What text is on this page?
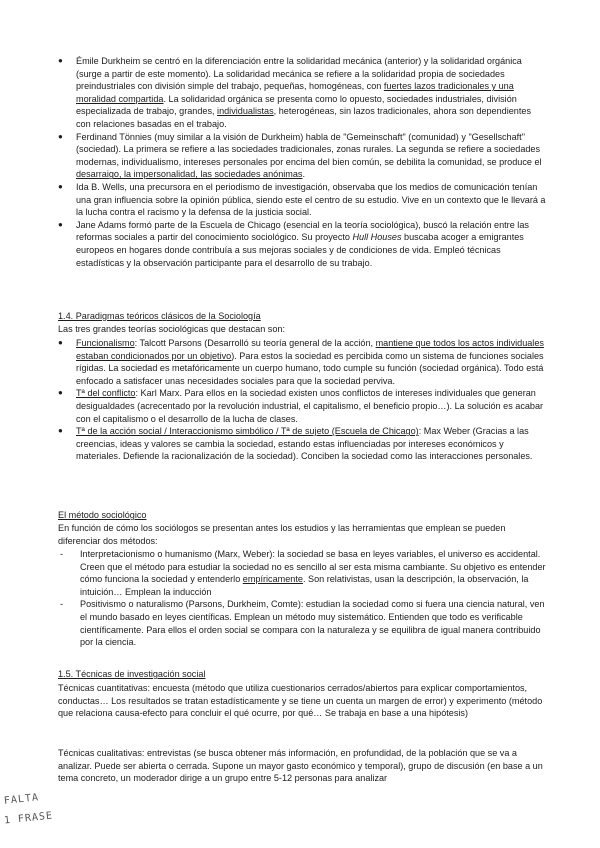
● Émile Durkheim se centró en la diferenciación entre la solidaridad mecánica (anterior) y la solidaridad orgánica (surge a partir de este momento). La solidaridad mecánica se refiere a la solidaridad propia de sociedades preindustriales con división simple del trabajo, pequeñas, homogéneas, con fuertes lazos tradicionales y una moralidad compartida. La solidaridad orgánica se presenta como lo opuesto, sociedades industriales, división especializada de trabajo, grandes, individualistas, heterogéneas, sin lazos tradicionales, ahora son dependientes con relaciones basadas en el trabajo.
● Ferdinand Tönnies (muy similar a la visión de Durkheim) habla de "Gemeinschaft" (comunidad) y "Gesellschaft" (sociedad). La primera se refiere a las sociedades tradicionales, zonas rurales. La segunda se refiere a sociedades modernas, individualismo, intereses personales por encima del bien común, se debilita la comunidad, se produce el desarraigo, la impersonalidad, las sociedades anónimas.
● Ida B. Wells, una precursora en el periodismo de investigación, observaba que los medios de comunicación tenían una gran influencia sobre la opinión pública, siendo este el centro de su estudio. Vive en un contexto que le llevará a la lucha contra el racismo y la defensa de la justicia social.
● Jane Adams formó parte de la Escuela de Chicago (esencial en la teoría sociológica), buscó la relación entre las reformas sociales a partir del conocimiento sociológico. Su proyecto Hull Houses buscaba acoger a emigrantes europeos en hogares donde contribuía a sus mejoras sociales y de condiciones de vida. Empleó técnicas estadísticas y la observación participante para el desarrollo de su trabajo.
1.4. Paradigmas teóricos clásicos de la Sociología
Las tres grandes teorías sociológicas que destacan son:
● Funcionalismo: Talcott Parsons (Desarrolló su teoría general de la acción, mantiene que todos los actos individuales estaban condicionados por un objetivo). Para estos la sociedad es percibida como un sistema de funciones sociales rígidas. La sociedad es metafóricamente un cuerpo humano, todo cumple su función (sociedad orgánica). Todo está enfocado a satisfacer unas necesidades sociales para que la sociedad perviva.
● Tª del conflicto: Karl Marx. Para ellos en la sociedad existen unos conflictos de intereses individuales que generan desigualdades (acrecentado por la revolución industrial, el capitalismo, el beneficio propio…). La solución es acabar con el capitalismo o el desarrollo de la lucha de clases.
● Tª de la acción social / Interaccionismo simbólico / Tª de sujeto (Escuela de Chicago): Max Weber (Gracias a las creencias, ideas y valores se cambia la sociedad, estando estas influenciadas por intereses económicos y materiales. Defiende la racionalización de la sociedad). Conciben la sociedad como las interacciones personales.
El método sociológico
En función de cómo los sociólogos se presentan antes los estudios y las herramientas que emplean se pueden diferenciar dos métodos:
- Interpretacionismo o humanismo (Marx, Weber): la sociedad se basa en leyes variables, el universo es accidental. Creen que el método para estudiar la sociedad no es sencillo al ser esta misma cambiante. Su objetivo es entender cómo funciona la sociedad y entenderlo empíricamente. Son relativistas, usan la descripción, la observación, la intuición… Emplean la inducción
- Positivismo o naturalismo (Parsons, Durkheim, Comte): estudian la sociedad como si fuera una ciencia natural, ven el mundo basado en leyes científicas. Emplean un método muy sistemático. Entienden que todo es verificable científicamente. Para ellos el orden social se compara con la naturaleza y se equilibra de igual manera contribuido por la ciencia.
1.5. Técnicas de investigación social
Técnicas cuantitativas: encuesta (método que utiliza cuestionarios cerrados/abiertos para explicar comportamientos, conductas… Los resultados se tratan estadísticamente y se tiene un cuenta un margen de error) y experimento (método que relaciona causa-efecto para concluir el qué ocurre, por qué… Se trabaja en base a una hipótesis)
Técnicas cualitativas: entrevistas (se busca obtener más información, en profundidad, de la población que se va a analizar. Puede ser abierta o cerrada. Supone un mayor gasto económico y temporal), grupo de discusión (en base a un tema concreto, un moderador dirige a un grupo entre 5-12 personas para analizar
FALTA
1 FRASE
